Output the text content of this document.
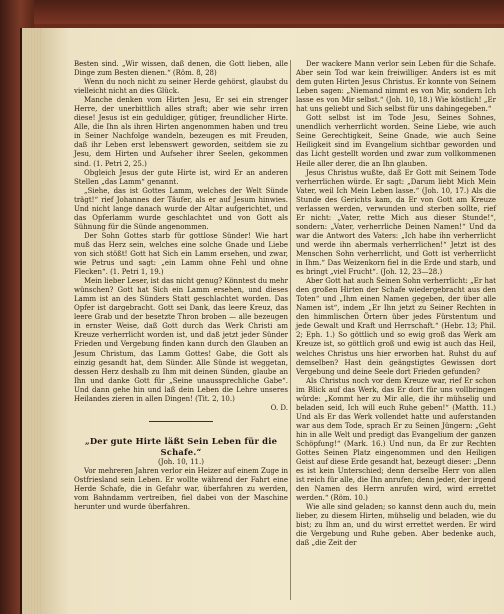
Besten sind. „Wir wissen, daß denen, die Gott lieben, alle Dinge zum Besten dienen.“ (Röm. 8, 28)

Wenn du noch nicht zu seiner Herde gehörst, glaubst du vielleicht nicht an dies Glück.

Manche denken vom Hirten Jesu, Er sei ein strenger Herre, der unerbittlich alles straft; aber wie sehr irren diese! Jesus ist ein geduldiger, gütiger, freundlicher Hirte. Alle, die Ihn als ihren Hirten angenommen haben und treu in Seiner Nachfolge wandeln, bezeugen es mit Freuden, daß ihr Leben erst lebenswert geworden, seitdem sie zu Jesu, dem Hirten und Aufseher ihrer Seelen, gekommen sind. (1. Petri 2, 25.)

Obgleich Jesus der gute Hirte ist, wird Er an anderen Stellen „das Lamm“ genannt.

„Siehe, das ist Gottes Lamm, welches der Welt Sünde trägt!“ rief Johannes der Täufer, als er auf Jesum hinwies. Und nicht lange danach wurde der Altar aufgerichtet, und das Opferlamm wurde geschlachtet und von Gott als Sühnung für die Sünde angenommen.

Der Sohn Gottes starb für gottlose Sünder! Wie hart muß das Herz sein, welches eine solche Gnade und Liebe von sich stößt! Gott hat Sich ein Lamm ersehen, und zwar, wie Petrus und sagt: „ein Lamm ohne Fehl und ohne Flecken“. (1. Petri 1, 19.)

Mein lieber Leser, ist das nicht genug? Könntest du mehr wünschen? Gott hat Sich ein Lamm ersehen, und dieses Lamm ist an des Sünders Statt geschlachtet worden. Das Opfer ist dargebracht. Gott sei Dank, das leere Kreuz, das leere Grab und der besetzte Thron broben — alle bezeugen in ernster Weise, daß Gott durch das Werk Christi am Kreuze verherrlicht worden ist, und daß jetzt jeder Sünder Frieden und Vergebung finden kann durch den Glauben an Jesum Christum, das Lamm Gottes! Gabe, die Gott als einzig gesandt hat, dem Sünder. Alle Sünde ist weggetan, dessen Herz deshalb zu Ihm mit deinen Sünden, glaube an Ihn und danke Gott für „Seine unaussprechliche Gabe“. Und dann gehe hin und laß dein Leben die Lehre unseres Heilandes zieren in allen Dingen! (Tit. 2, 10.)

O. D.

„Der gute Hirte läßt Sein Leben für die Schafe.“

(Joh. 10, 11.)

Vor mehreren Jahren verlor ein Heizer auf einem Zuge in Ostfriesland sein Leben. Er wollte während der Fahrt eine Herde Schafe, die in Gefahr war, überfahren zu werden, vom Bahndamm vertreiben, fiel dabei von der Maschine herunter und wurde überfahren.

Der wackere Mann verlor sein Leben für die Schafe. Aber sein Tod war kein freiwilliger. Anders ist es mit dem guten Hirten Jesus Christus. Er konnte von Seinem Leben sagen: „Niemand nimmt es von Mir, sondern Ich lasse es von Mir selbst.“ (Joh. 10, 18.) Wie köstlich! „Er hat uns geliebt und Sich selbst für uns dahingegeben.“

Gott selbst ist im Tode Jesu, Seines Sohnes, unendlich verherrlicht worden. Seine Liebe, wie auch Seine Gerechtigkeit, Seine Gnade, wie auch Seine Heiligkeit sind im Evangelium sichtbar geworden und das Licht gestellt worden und zwar zum vollkommenen Heile aller derer, die an Ihn glauben.

Jesus Christus wußte, daß Er Gott mit Seinem Tode verherrlichen würde. Er sagt: „Darum liebt Mich Mein Vater, weil Ich Mein Leben lasse.“ (Joh. 10, 17.) Als die Stunde des Gerichts kam, da Er von Gott am Kreuze verlassen werden, verwunden und sterben sollte, rief Er nicht: „Vater, rette Mich aus dieser Stunde!“, sondern: „Vater, verherrliche Deinen Namen!“ Und da war die Antwort des Vaters: „Ich habe ihn verherrlicht und werde ihn abermals verherrlichen!“ Jetzt ist des Menschen Sohn verherrlicht, und Gott ist verherrlicht in Ihm.“ Das Weizenkorn fiel in die Erde und starb, und es bringt „viel Frucht“. (Joh. 12, 23—28.)

Aber Gott hat auch Seinen Sohn verherrlicht: „Er hat den großen Hirten der Schafe wiedergebracht aus den Toten“ und „Ihm einen Namen gegeben, der über alle Namen ist“, indem „Er Ihn jetzt zu Seiner Rechten in den himmlischen Örtern über jedes Fürstentum und jede Gewalt und Kraft und Herrschaft.“ (Hebr. 13; Phil. 2; Eph. 1.) So göttlich und so ewig groß das Werk am Kreuze ist, so göttlich groß und ewig ist auch das Heil, welches Christus uns hier erworben hat. Ruhst du auf demselben? Hast dein geängstigtes Gewissen dort Vergebung und deine Seele dort Frieden gefunden?

Als Christus noch vor dem Kreuze war, rief Er schon im Blick auf das Werk, das Er dort für uns vollbringen würde: „Kommt her zu Mir alle, die ihr mühselig und beladen seid, Ich will euch Ruhe geben!“ (Matth. 11.) Und als Er das Werk vollendet hatte und auferstanden war aus dem Tode, sprach Er zu Seinen Jüngern: „Geht hin in alle Welt und predigt das Evangelium der ganzen Schöpfung!“ (Mark. 16.) Und nun, da Er zur Rechten Gottes Seinen Platz eingenommen und den Heiligen Geist auf diese Erde gesandt hat, bezeugt dieser: „Denn es ist kein Unterschied; denn derselbe Herr von allen ist reich für alle, die Ihn anrufen; denn jeder, der irgend den Namen des Herrn anrufen wird, wird errettet werden.“ (Röm. 10.)

Wie alle sind geladen; so kannst denn auch du, mein lieber, zu diesem Hirten, mühselig und beladen, wie du bist; zu Ihm an, und du wirst errettet werden. Er wird die Vergebung und Ruhe geben. Aber bedenke auch, daß „die Zeit der
